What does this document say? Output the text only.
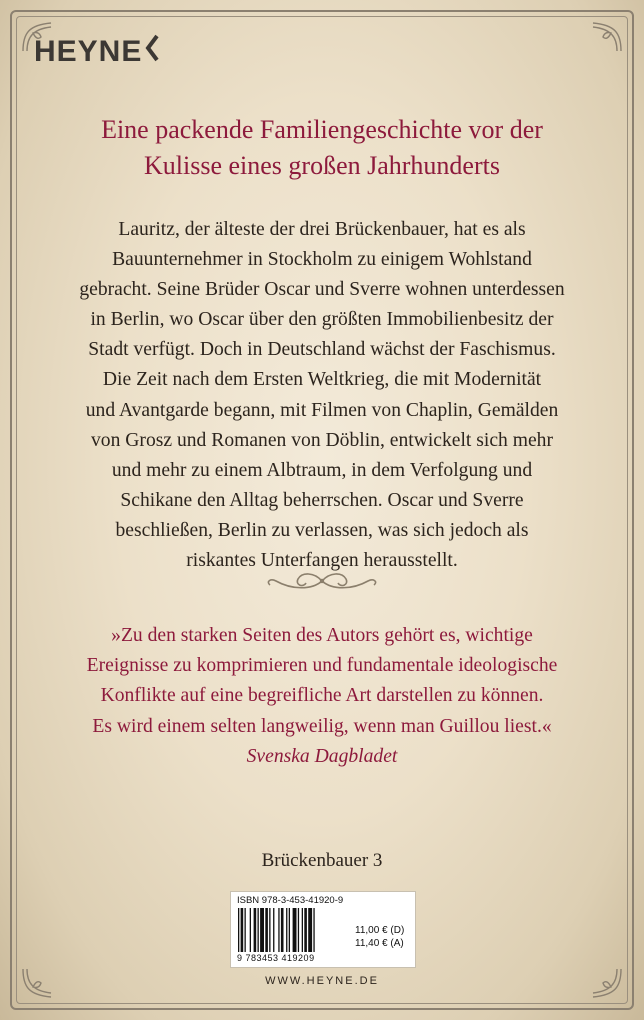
HEYNE
Eine packende Familiengeschichte vor der
Kulisse eines großen Jahrhunderts
Lauritz, der älteste der drei Brückenbauer, hat es als
Bauunternehmer in Stockholm zu einigem Wohlstand
gebracht. Seine Brüder Oscar und Sverre wohnen unterdessen
in Berlin, wo Oscar über den größten Immobilienbesitz der
Stadt verfügt. Doch in Deutschland wächst der Faschismus.
Die Zeit nach dem Ersten Weltkrieg, die mit Modernität
und Avantgarde begann, mit Filmen von Chaplin, Gemälden
von Grosz und Romanen von Döblin, entwickelt sich mehr
und mehr zu einem Albtraum, in dem Verfolgung und
Schikane den Alltag beherrschen. Oscar und Sverre
beschließen, Berlin zu verlassen, was sich jedoch als
riskantes Unterfangen herausstellt.
»Zu den starken Seiten des Autors gehört es, wichtige
Ereignisse zu komprimieren und fundamentale ideologische
Konflikte auf eine begreifliche Art darstellen zu können.
Es wird einem selten langweilig, wenn man Guillou liest.«
Svenska Dagbladet
Brückenbauer 3
ISBN 978-3-453-41920-9
9 783453 419209
11,00 € (D)
11,40 € (A)
WWW.HEYNE.DE
